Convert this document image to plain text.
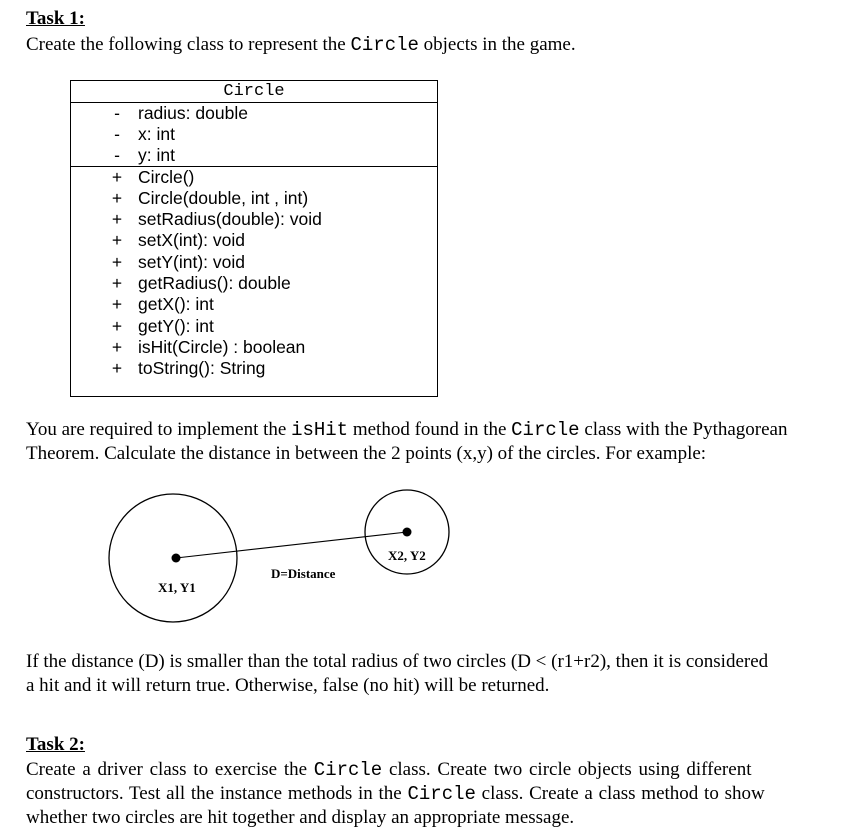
Task 1:
Create the following class to represent the Circle objects in the game.
Circle
- radius: double
- x: int
- y: int
+ Circle()
+ Circle(double, int , int)
+ setRadius(double): void
+ setX(int): void
+ setY(int): void
+ getRadius(): double
+ getX(): int
+ getY(): int
+ isHit(Circle) : boolean
+ toString(): String
You are required to implement the isHit method found in the Circle class with the Pythagorean
Theorem. Calculate the distance in between the 2 points (x,y) of the circles. For example:
X1, Y1
X2, Y2
D=Distance
If the distance (D) is smaller than the total radius of two circles (D < (r1+r2), then it is considered
a hit and it will return true. Otherwise, false (no hit) will be returned.
Task 2:
Create a driver class to exercise the Circle class. Create two circle objects using different
constructors. Test all the instance methods in the Circle class. Create a class method to show
whether two circles are hit together and display an appropriate message.
